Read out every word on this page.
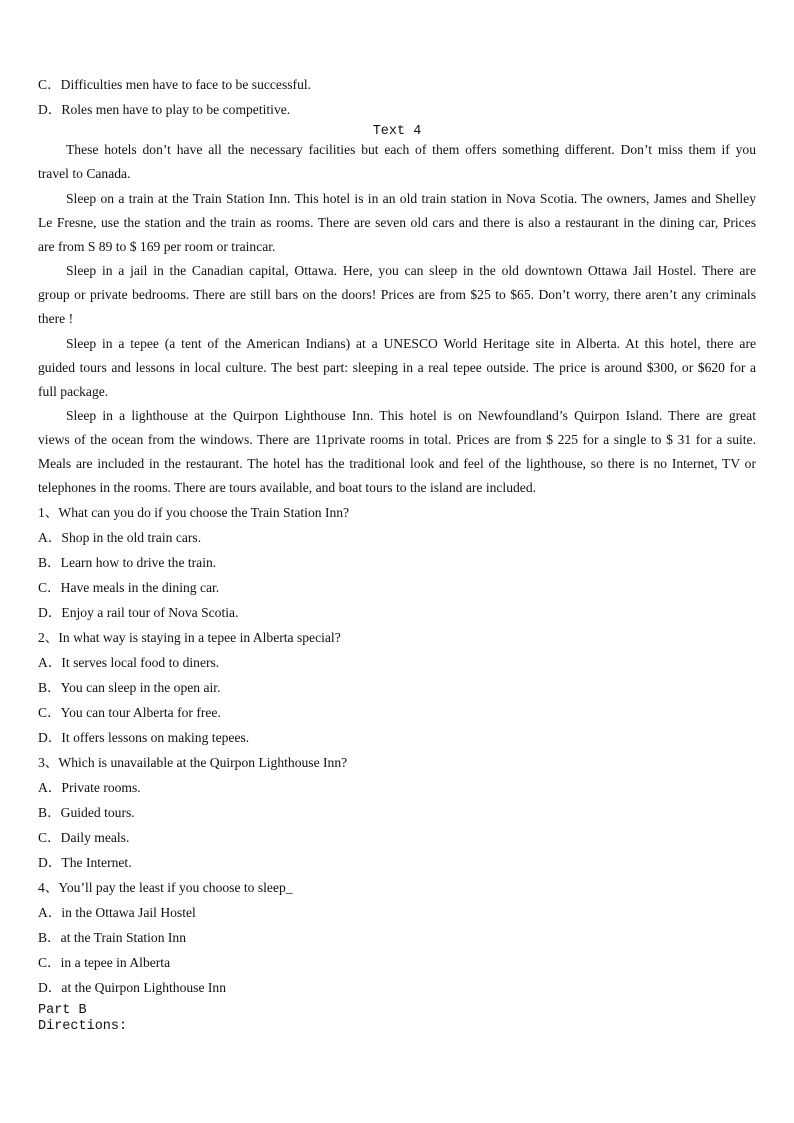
C．Difficulties men have to face to be successful.
D．Roles men have to play to be competitive.
Text 4
These hotels don’t have all the necessary facilities but each of them offers something different. Don’t miss them if you
travel to Canada.
Sleep on a train at the Train Station Inn. This hotel is in an old train station in Nova Scotia. The owners, James and Shelley
Le Fresne, use the station and the train as rooms. There are seven old cars and there is also a restaurant in the dining car, Prices
are from S 89 to $ 169 per room or traincar.
Sleep in a jail in the Canadian capital, Ottawa. Here, you can sleep in the old downtown Ottawa Jail Hostel. There are
group or private bedrooms. There are still bars on the doors! Prices are from $25 to $65. Don’t worry, there aren’t any criminals
there !
Sleep in a tepee (a tent of the American Indians) at a UNESCO World Heritage site in Alberta. At this hotel, there are
guided tours and lessons in local culture. The best part: sleeping in a real tepee outside. The price is around $300, or $620 for a
full package.
Sleep in a lighthouse at the Quirpon Lighthouse Inn. This hotel is on Newfoundland’s Quirpon Island. There are great
views of the ocean from the windows. There are 11private rooms in total. Prices are from $ 225 for a single to $ 31 for a suite.
Meals are included in the restaurant. The hotel has the traditional look and feel of the lighthouse, so there is no Internet, TV or
telephones in the rooms. There are tours available, and boat tours to the island are included.
1、What can you do if you choose the Train Station Inn?
A．Shop in the old train cars.
B．Learn how to drive the train.
C．Have meals in the dining car.
D．Enjoy a rail tour of Nova Scotia.
2、In what way is staying in a tepee in Alberta special?
A．It serves local food to diners.
B．You can sleep in the open air.
C．You can tour Alberta for free.
D．It offers lessons on making tepees.
3、Which is unavailable at the Quirpon Lighthouse Inn?
A．Private rooms.
B．Guided tours.
C．Daily meals.
D．The Internet.
4、You’ll pay the least if you choose to sleep_
A．in the Ottawa Jail Hostel
B．at the Train Station Inn
C．in a tepee in Alberta
D．at the Quirpon Lighthouse Inn
Part B
Directions:
